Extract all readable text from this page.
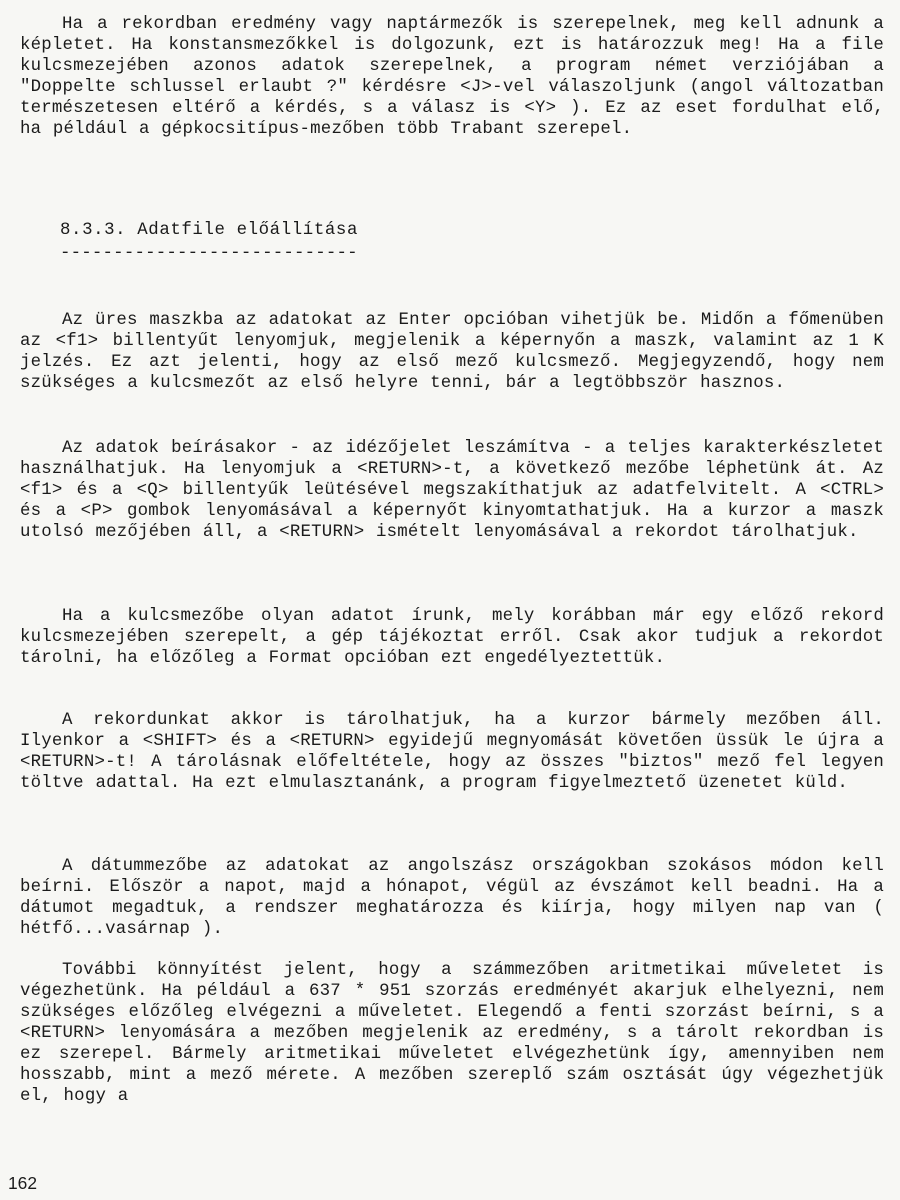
Ha a rekordban eredmény vagy naptármezők is szerepelnek, meg kell adnunk a képletet. Ha konstansmezőkkel is dolgozunk, ezt is határozzuk meg! Ha a file kulcsmezejében azonos adatok szerepelnek, a program német verziójában a "Doppelte schlussel erlaubt ?" kérdésre <J>-vel válaszoljunk (angol változatban természetesen eltérő a kérdés, s a válasz is <Y> ). Ez az eset fordulhat elő, ha például a gépkocsitípus-mezőben több Trabant szerepel.

8.3.3. Adatfile előállítása
----------------------------

Az üres maszkba az adatokat az Enter opcióban vihetjük be. Midőn a főmenüben az <f1> billentyűt lenyomjuk, megjelenik a képernyőn a maszk, valamint az 1 K jelzés. Ez azt jelenti, hogy az első mező kulcsmező. Megjegyzendő, hogy nem szükséges a kulcsmezőt az első helyre tenni, bár a legtöbbször hasznos.

Az adatok beírásakor - az idézőjelet leszámítva - a teljes karakterkészletet használhatjuk. Ha lenyomjuk a <RETURN>-t, a következő mezőbe léphetünk át. Az <f1> és a <Q> billentyűk leütésével megszakíthatjuk az adatfelvitelt. A <CTRL> és a <P> gombok lenyomásával a képernyőt kinyomtathatjuk. Ha a kurzor a maszk utolsó mezőjében áll, a <RETURN> ismételt lenyomásával a rekordot tárolhatjuk.

Ha a kulcsmezőbe olyan adatot írunk, mely korábban már egy előző rekord kulcsmezejében szerepelt, a gép tájékoztat erről. Csak akor tudjuk a rekordot tárolni, ha előzőleg a Format opcióban ezt engedélyeztettük.

A rekordunkat akkor is tárolhatjuk, ha a kurzor bármely mezőben áll. Ilyenkor a <SHIFT> és a <RETURN> egyidejű megnyomását követően üssük le újra a <RETURN>-t! A tárolásnak előfeltétele, hogy az összes "biztos" mező fel legyen töltve adattal. Ha ezt elmulasztanánk, a program figyelmeztető üzenetet küld.

A dátummezőbe az adatokat az angolszász országokban szokásos módon kell beírni. Először a napot, majd a hónapot, végül az évszámot kell beadni. Ha a dátumot megadtuk, a rendszer meghatározza és kiírja, hogy milyen nap van ( hétfő...vasárnap ).

További könnyítést jelent, hogy a számmezőben aritmetikai műveletet is végezhetünk. Ha például a 637 * 951 szorzás eredményét akarjuk elhelyezni, nem szükséges előzőleg elvégezni a műveletet. Elegendő a fenti szorzást beírni, s a <RETURN> lenyomására a mezőben megjelenik az eredmény, s a tárolt rekordban is ez szerepel. Bármely aritmetikai műveletet elvégezhetünk így, amennyiben nem hosszabb, mint a mező mérete. A mezőben szereplő szám osztását úgy végezhetjük el, hogy a

162
